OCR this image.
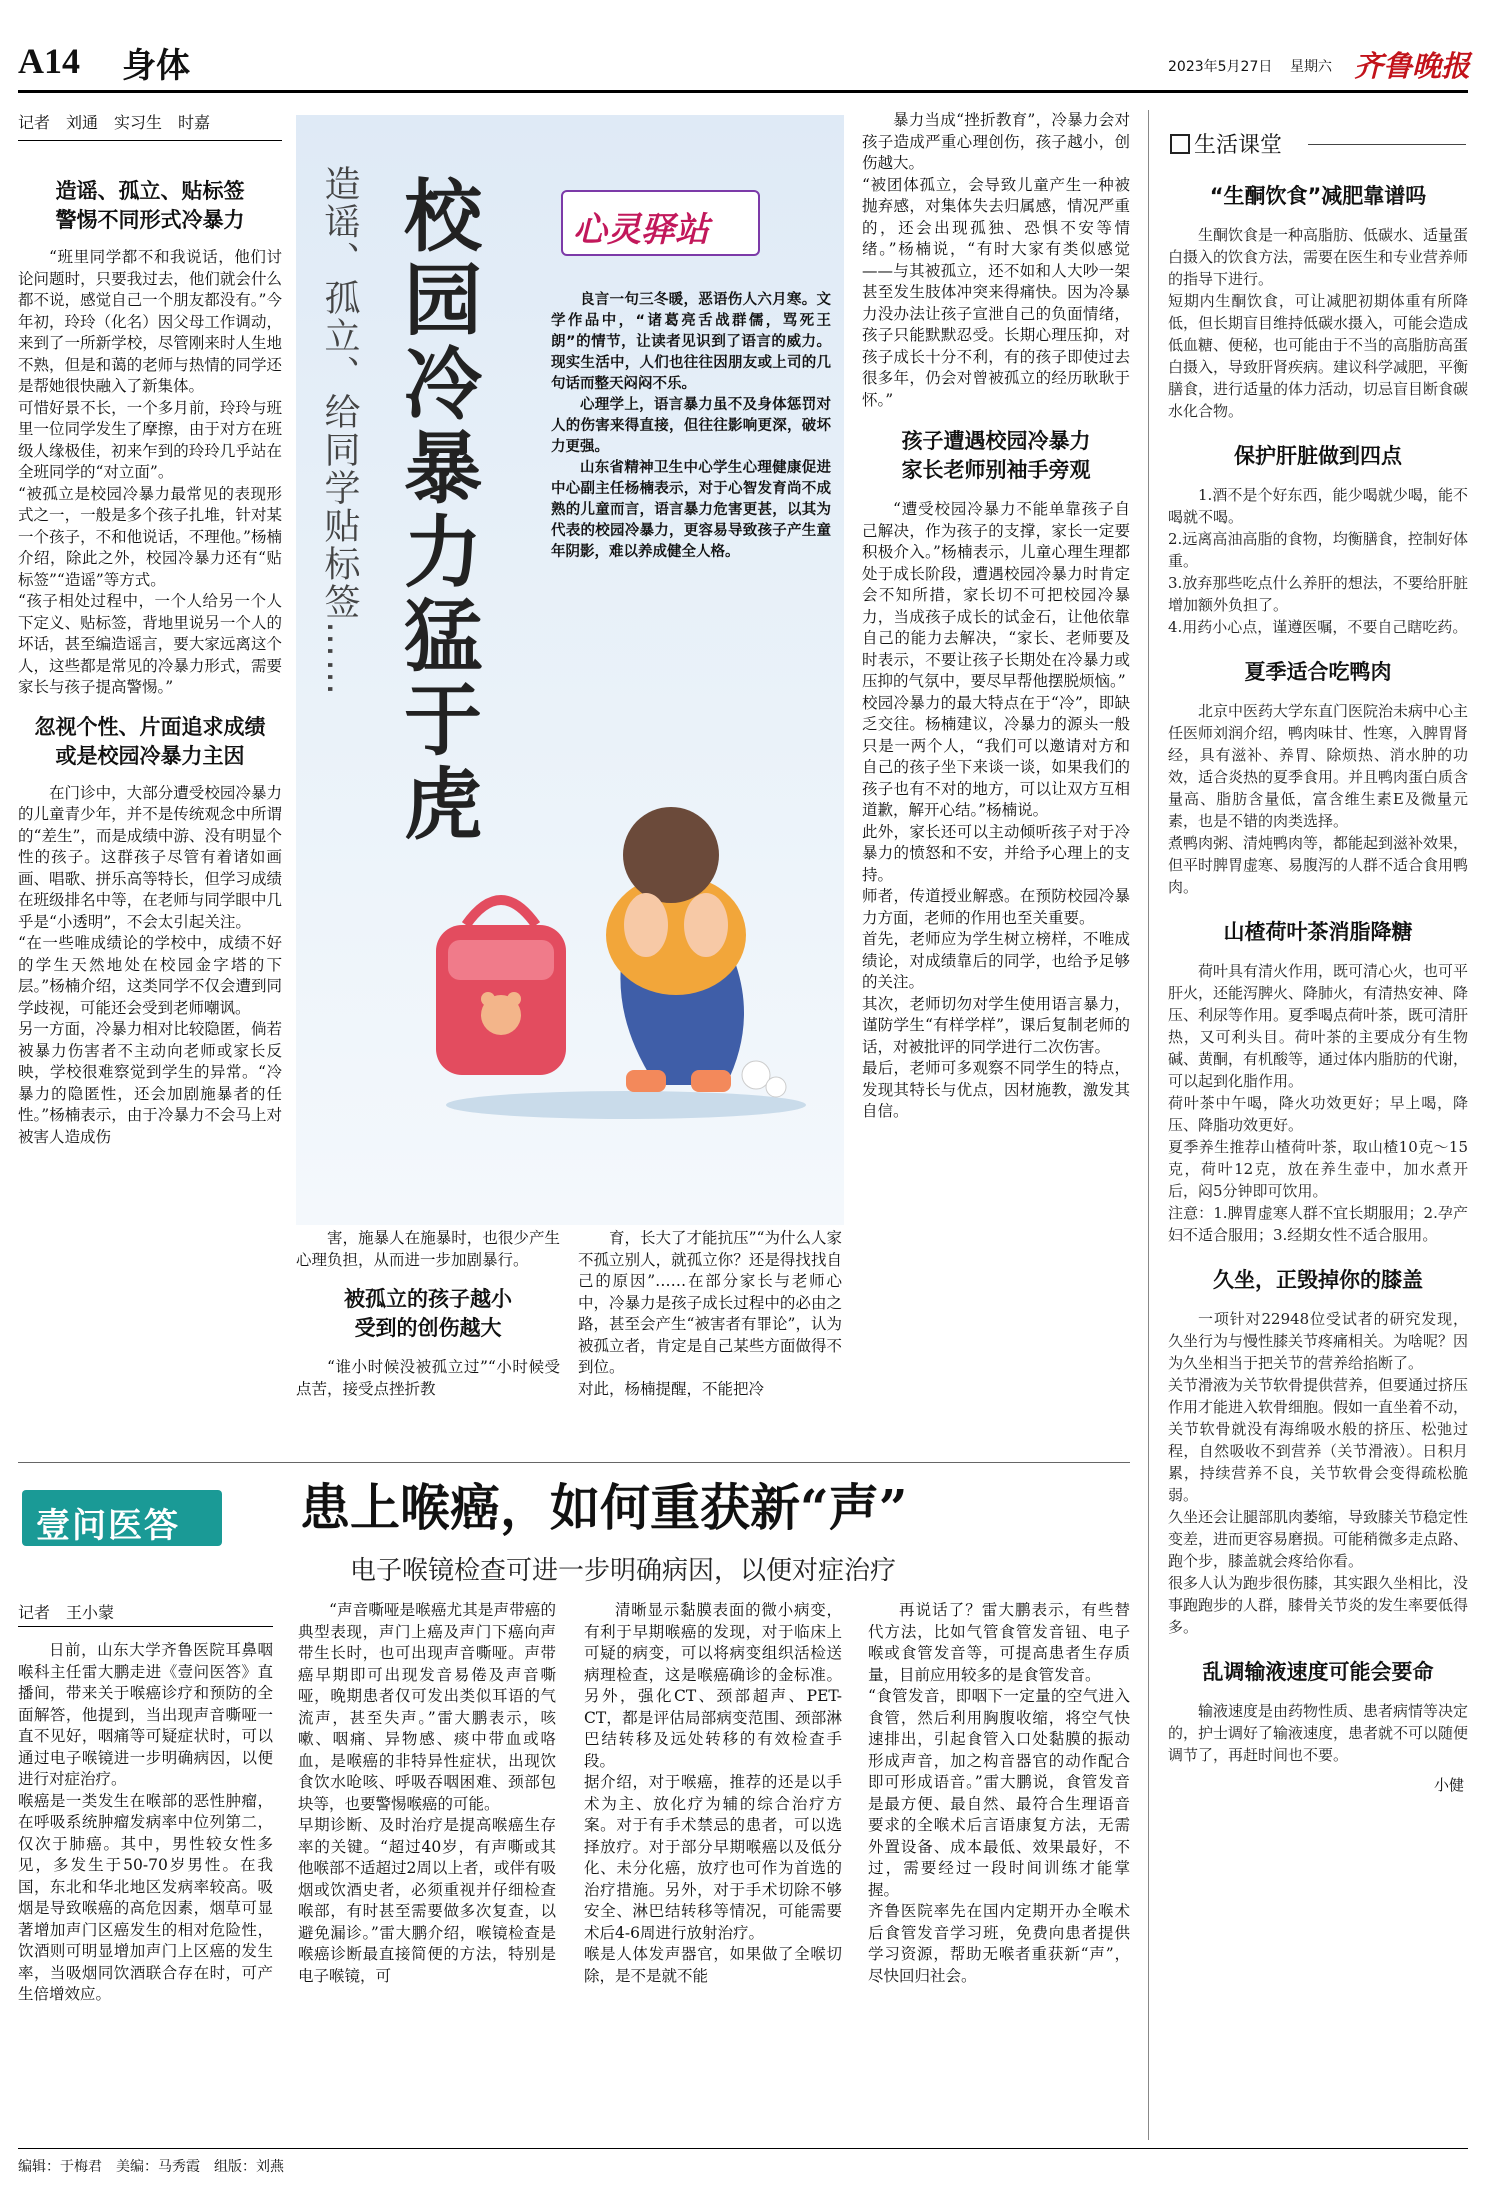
A14 身体	2023年5月27日 星期六 齐鲁晚报
记者　刘通　实习生　时嘉

造谣、孤立、贴标签
警惕不同形式冷暴力

“班里同学都不和我说话，他们讨论问题时，只要我过去，他们就会什么都不说，感觉自己一个朋友都没有。”今年初，玲玲（化名）因父母工作调动，来到了一所新学校，尽管刚来时人生地不熟，但是和蔼的老师与热情的同学还是帮她很快融入了新集体。
可惜好景不长，一个多月前，玲玲与班里一位同学发生了摩擦，由于对方在班级人缘极佳，初来乍到的玲玲几乎站在全班同学的“对立面”。
“被孤立是校园冷暴力最常见的表现形式之一，一般是多个孩子扎堆，针对某一个孩子，不和他说话，不理他。”杨楠介绍，除此之外，校园冷暴力还有“贴标签”“造谣”等方式。
“孩子相处过程中，一个人给另一个人下定义、贴标签，背地里说另一个人的坏话，甚至编造谣言，要大家远离这个人，这些都是常见的冷暴力形式，需要家长与孩子提高警惕。”

忽视个性、片面追求成绩
或是校园冷暴力主因

在门诊中，大部分遭受校园冷暴力的儿童青少年，并不是传统观念中所谓的“差生”，而是成绩中游、没有明显个性的孩子。这群孩子尽管有着诸如画画、唱歌、拼乐高等特长，但学习成绩在班级排名中等，在老师与同学眼中几乎是“小透明”，不会太引起关注。
“在一些唯成绩论的学校中，成绩不好的学生天然地处在校园金字塔的下层。”杨楠介绍，这类同学不仅会遭到同学歧视，可能还会受到老师嘲讽。
另一方面，冷暴力相对比较隐匿，倘若被暴力伤害者不主动向老师或家长反映，学校很难察觉到学生的异常。“冷暴力的隐匿性，还会加剧施暴者的任性。”杨楠表示，由于冷暴力不会马上对被害人造成伤

校园冷暴力猛于虎
造谣、孤立、给同学贴标签……	心灵驿站

良言一句三冬暖，恶语伤人六月寒。文学作品中，“诸葛亮舌战群儒，骂死王朗”的情节，让读者见识到了语言的威力。现实生活中，人们也往往因朋友或上司的几句话而整天闷闷不乐。

心理学上，语言暴力虽不及身体惩罚对人的伤害来得直接，但往往影响更深，破坏力更强。

山东省精神卫生中心学生心理健康促进中心副主任杨楠表示，对于心智发育尚不成熟的儿童而言，语言暴力危害更甚，以其为代表的校园冷暴力，更容易导致孩子产生童年阴影，难以养成健全人格。

害，施暴人在施暴时，也很少产生心理负担，从而进一步加剧暴行。

被孤立的孩子越小
受到的创伤越大

“谁小时候没被孤立过”“小时候受点苦，接受点挫折教

育，长大了才能抗压”“为什么人家不孤立别人，就孤立你？还是得找找自己的原因”……在部分家长与老师心中，冷暴力是孩子成长过程中的必由之路，甚至会产生“被害者有罪论”，认为被孤立者，肯定是自己某些方面做得不到位。
对此，杨楠提醒，不能把冷

暴力当成“挫折教育”，冷暴力会对孩子造成严重心理创伤，孩子越小，创伤越大。
“被团体孤立，会导致儿童产生一种被抛弃感，对集体失去归属感，情况严重的，还会出现孤独、恐惧不安等情绪。”杨楠说，“有时大家有类似感觉——与其被孤立，还不如和人大吵一架甚至发生肢体冲突来得痛快。因为冷暴力没办法让孩子宣泄自己的负面情绪，孩子只能默默忍受。长期心理压抑，对孩子成长十分不利，有的孩子即使过去很多年，仍会对曾被孤立的经历耿耿于怀。”

孩子遭遇校园冷暴力
家长老师别袖手旁观

“遭受校园冷暴力不能单靠孩子自己解决，作为孩子的支撑，家长一定要积极介入。”杨楠表示，儿童心理生理都处于成长阶段，遭遇校园冷暴力时肯定会不知所措，家长切不可把校园冷暴力，当成孩子成长的试金石，让他依靠自己的能力去解决，“家长、老师要及时表示，不要让孩子长期处在冷暴力或压抑的气氛中，要尽早帮他摆脱烦恼。”
校园冷暴力的最大特点在于“冷”，即缺乏交往。杨楠建议，冷暴力的源头一般只是一两个人，“我们可以邀请对方和自己的孩子坐下来谈一谈，如果我们的孩子也有不对的地方，可以让双方互相道歉，解开心结。”杨楠说。
此外，家长还可以主动倾听孩子对于冷暴力的愤怒和不安，并给予心理上的支持。
师者，传道授业解惑。在预防校园冷暴力方面，老师的作用也至关重要。
首先，老师应为学生树立榜样，不唯成绩论，对成绩靠后的同学，也给予足够的关注。
其次，老师切勿对学生使用语言暴力，谨防学生“有样学样”，课后复制老师的话，对被批评的同学进行二次伤害。
最后，老师可多观察不同学生的特点，发现其特长与优点，因材施教，激发其自信。

生活课堂

“生酮饮食”减肥靠谱吗

生酮饮食是一种高脂肪、低碳水、适量蛋白摄入的饮食方法，需要在医生和专业营养师的指导下进行。
短期内生酮饮食，可让减肥初期体重有所降低，但长期盲目维持低碳水摄入，可能会造成低血糖、便秘，也可能由于不当的高脂肪高蛋白摄入，导致肝肾疾病。建议科学减肥，平衡膳食，进行适量的体力活动，切忌盲目断食碳水化合物。

保护肝脏做到四点

1.酒不是个好东西，能少喝就少喝，能不喝就不喝。
2.远离高油高脂的食物，均衡膳食，控制好体重。
3.放弃那些吃点什么养肝的想法，不要给肝脏增加额外负担了。
4.用药小心点，谨遵医嘱，不要自己瞎吃药。

夏季适合吃鸭肉

北京中医药大学东直门医院治未病中心主任医师刘润介绍，鸭肉味甘、性寒，入脾胃肾经，具有滋补、养胃、除烦热、消水肿的功效，适合炎热的夏季食用。并且鸭肉蛋白质含量高、脂肪含量低，富含维生素E及微量元素，也是不错的肉类选择。
煮鸭肉粥、清炖鸭肉等，都能起到滋补效果，但平时脾胃虚寒、易腹泻的人群不适合食用鸭肉。

山楂荷叶茶消脂降糖

荷叶具有清火作用，既可清心火，也可平肝火，还能泻脾火、降肺火，有清热安神、降压、利尿等作用。夏季喝点荷叶茶，既可清肝热，又可利头目。荷叶茶的主要成分有生物碱、黄酮，有机酸等，通过体内脂肪的代谢，可以起到化脂作用。
荷叶茶中午喝，降火功效更好；早上喝，降压、降脂功效更好。
夏季养生推荐山楂荷叶茶，取山楂10克～15克，荷叶12克，放在养生壶中，加水煮开后，闷5分钟即可饮用。
注意：1.脾胃虚寒人群不宜长期服用；2.孕产妇不适合服用；3.经期女性不适合服用。

久坐，正毁掉你的膝盖

一项针对22948位受试者的研究发现，久坐行为与慢性膝关节疼痛相关。为啥呢？因为久坐相当于把关节的营养给掐断了。
关节滑液为关节软骨提供营养，但要通过挤压作用才能进入软骨细胞。假如一直坐着不动，关节软骨就没有海绵吸水般的挤压、松弛过程，自然吸收不到营养（关节滑液）。日积月累，持续营养不良，关节软骨会变得疏松脆弱。
久坐还会让腿部肌肉萎缩，导致膝关节稳定性变差，进而更容易磨损。可能稍微多走点路、跑个步，膝盖就会疼给你看。
很多人认为跑步很伤膝，其实跟久坐相比，没事跑跑步的人群，膝骨关节炎的发生率要低得多。

乱调输液速度可能会要命

输液速度是由药物性质、患者病情等决定的，护士调好了输液速度，患者就不可以随便调节了，再赶时间也不要。

小健

壹问医答 患上喉癌，如何重获新“声”
电子喉镜检查可进一步明确病因，以便对症治疗
记者　王小蒙

日前，山东大学齐鲁医院耳鼻咽喉科主任雷大鹏走进《壹问医答》直播间，带来关于喉癌诊疗和预防的全面解答，他提到，当出现声音嘶哑一直不见好，咽痛等可疑症状时，可以通过电子喉镜进一步明确病因，以便进行对症治疗。
喉癌是一类发生在喉部的恶性肿瘤，在呼吸系统肿瘤发病率中位列第二，仅次于肺癌。其中，男性较女性多见，多发生于50-70岁男性。在我国，东北和华北地区发病率较高。吸烟是导致喉癌的高危因素，烟草可显著增加声门区癌发生的相对危险性，饮酒则可明显增加声门上区癌的发生率，当吸烟同饮酒联合存在时，可产生倍增效应。

“声音嘶哑是喉癌尤其是声带癌的典型表现，声门上癌及声门下癌向声带生长时，也可出现声音嘶哑。声带癌早期即可出现发音易倦及声音嘶哑，晚期患者仅可发出类似耳语的气流声，甚至失声。”雷大鹏表示，咳嗽、咽痛、异物感、痰中带血或咯血，是喉癌的非特异性症状，出现饮食饮水呛咳、呼吸吞咽困难、颈部包块等，也要警惕喉癌的可能。
早期诊断、及时治疗是提高喉癌生存率的关键。“超过40岁，有声嘶或其他喉部不适超过2周以上者，或伴有吸烟或饮酒史者，必须重视并仔细检查喉部，有时甚至需要做多次复查，以避免漏诊。”雷大鹏介绍，喉镜检查是喉癌诊断最直接简便的方法，特别是电子喉镜，可

清晰显示黏膜表面的微小病变，有利于早期喉癌的发现，对于临床上可疑的病变，可以将病变组织活检送病理检查，这是喉癌确诊的金标准。另外，强化CT、颈部超声、PET-CT，都是评估局部病变范围、颈部淋巴结转移及远处转移的有效检查手段。
据介绍，对于喉癌，推荐的还是以手术为主、放化疗为辅的综合治疗方案。对于有手术禁忌的患者，可以选择放疗。对于部分早期喉癌以及低分化、未分化癌，放疗也可作为首选的治疗措施。另外，对于手术切除不够安全、淋巴结转移等情况，可能需要术后4-6周进行放射治疗。
喉是人体发声器官，如果做了全喉切除，是不是就不能

再说话了？雷大鹏表示，有些替代方法，比如气管食管发音钮、电子喉或食管发音等，可提高患者生存质量，目前应用较多的是食管发音。
“食管发音，即咽下一定量的空气进入食管，然后利用胸腹收缩，将空气快速排出，引起食管入口处黏膜的振动形成声音，加之构音器官的动作配合即可形成语音。”雷大鹏说，食管发音是最方便、最自然、最符合生理语音要求的全喉术后言语康复方法，无需外置设备、成本最低、效果最好，不过，需要经过一段时间训练才能掌握。
齐鲁医院率先在国内定期开办全喉术后食管发音学习班，免费向患者提供学习资源，帮助无喉者重获新“声”，尽快回归社会。

编辑：于梅君　美编：马秀霞　组版：刘燕
